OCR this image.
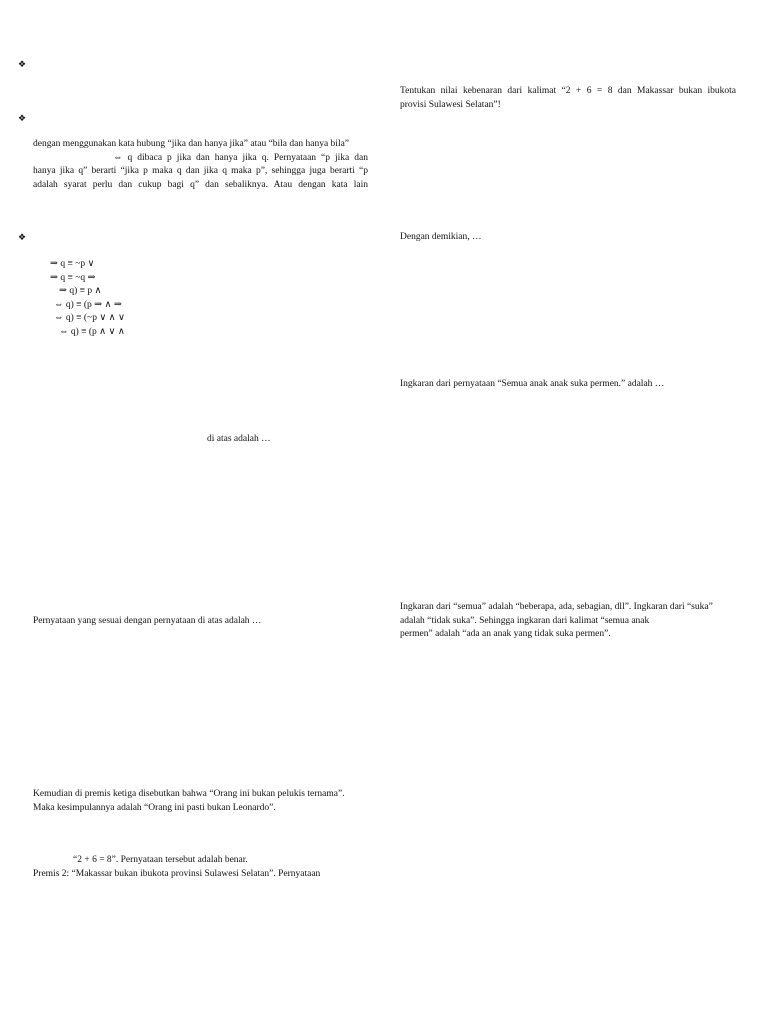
❖
❖
dengan menggunakan kata hubung “jika dan hanya jika” atau “bila dan hanya bila”
⇔ q dibaca p jika dan hanya jika q. Pernyataan “p jika dan
hanya jika q” berarti “jika p maka q dan jika q maka p”, sehingga juga berarti “p
adalah syarat perlu dan cukup bagi q” dan sebaliknya. Atau dengan kata lain
❖
⇒ q ≡ ~p ∨
⇒ q ≡ ~q ⇒
⇒ q) ≡ p ∧
⇔ q) ≡ (p ⇒ ∧ ⇒
⇔ q) ≡ (~p ∨ ∧ ∨
⇔ q) ≡ (p ∧ ∨ ∧
di atas adalah …
Pernyataan yang sesuai dengan pernyataan di atas adalah …
Kemudian di premis ketiga disebutkan bahwa “Orang ini bukan pelukis ternama”.
Maka kesimpulannya adalah “Orang ini pasti bukan Leonardo”.
“2 + 6 = 8”. Pernyataan tersebut adalah benar.
Premis 2: “Makassar bukan ibukota provinsi Sulawesi Selatan”. Pernyataan
Tentukan nilai kebenaran dari kalimat “2 + 6 = 8 dan Makassar bukan ibukota
provisi Sulawesi Selatan”!
Dengan demikian, …
Ingkaran dari pernyataan “Semua anak anak suka permen.” adalah …
Ingkaran dari “semua” adalah “beberapa, ada, sebagian, dll”. Ingkaran dari “suka”
adalah “tidak suka”. Sehingga ingkaran dari kalimat “semua anak
permen” adalah “ada an anak yang tidak suka permen”.
